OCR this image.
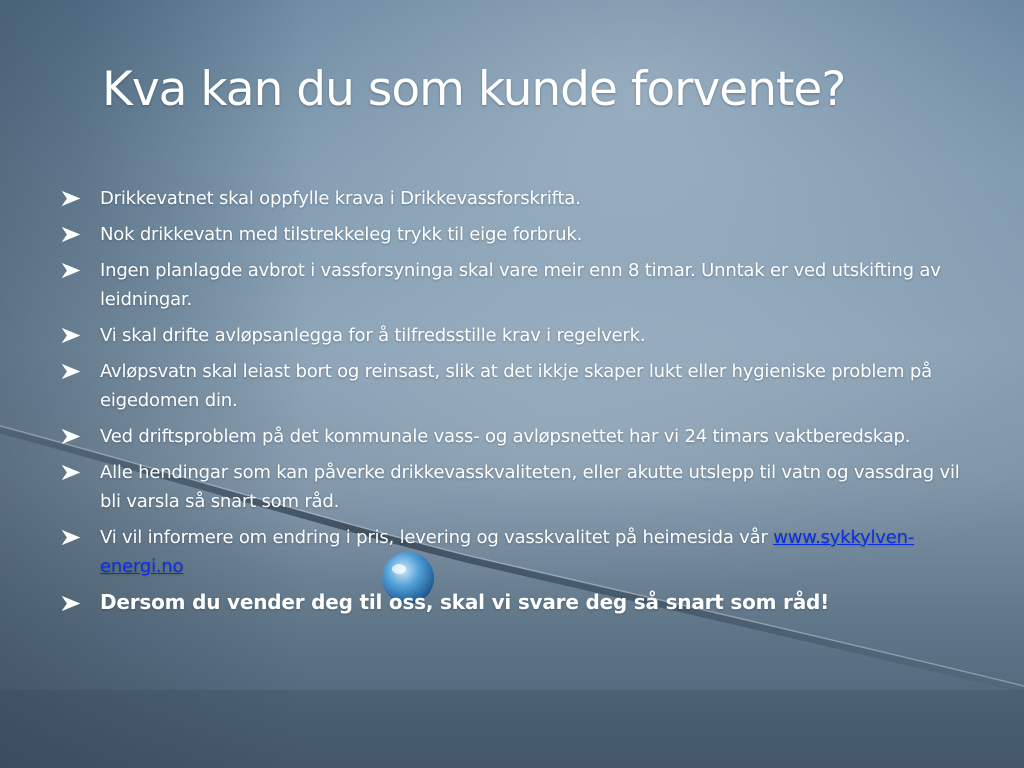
Kva kan du som kunde forvente?
Drikkevatnet skal oppfylle krava i Drikkevassforskrifta.
Nok drikkevatn med tilstrekkeleg trykk til eige forbruk.
Ingen planlagde avbrot i vassforsyninga skal vare meir enn 8 timar. Unntak er ved utskifting av leidningar.
Vi skal drifte avløpsanlegga for å tilfredsstille krav i regelverk.
Avløpsvatn skal leiast bort og reinsast, slik at det ikkje skaper lukt eller hygieniske problem på eigedomen din.
Ved driftsproblem på det kommunale vass- og avløpsnettet har vi 24 timars vaktberedskap.
Alle hendingar som kan påverke drikkevasskvaliteten, eller akutte utslepp til vatn og vassdrag vil bli varsla så snart som råd.
Vi vil informere om endring i pris, levering og vasskvalitet på heimesida vår www.sykkylven-energi.no
Dersom du vender deg til oss, skal vi svare deg så snart som råd!
